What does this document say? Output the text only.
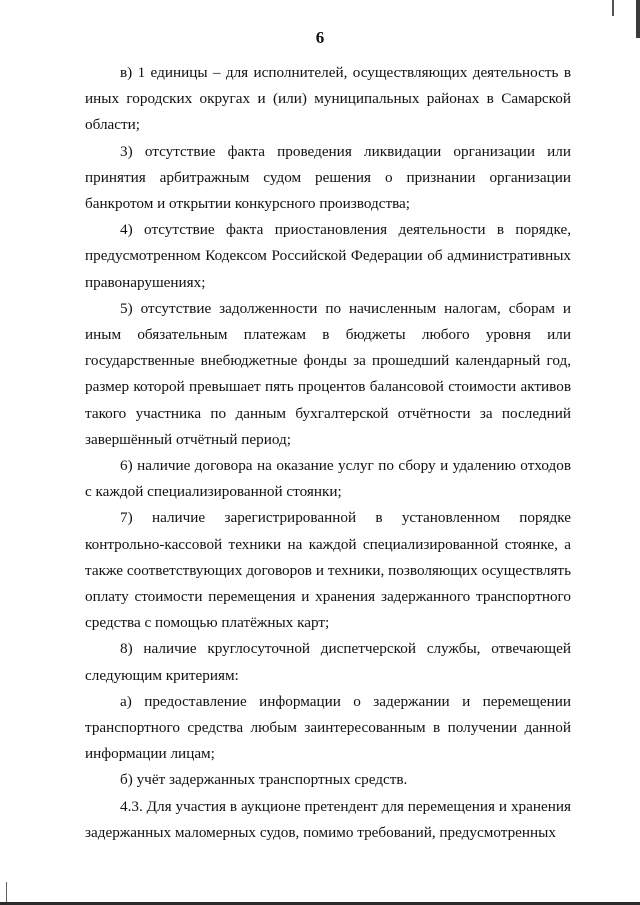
6

в) 1 единицы – для исполнителей, осуществляющих деятельность в иных городских округах и (или) муниципальных районах в Самарской области;

3) отсутствие факта проведения ликвидации организации или принятия арбитражным судом решения о признании организации банкротом и открытии конкурсного производства;

4) отсутствие факта приостановления деятельности в порядке, предусмотренном Кодексом Российской Федерации об административных правонарушениях;

5) отсутствие задолженности по начисленным налогам, сборам и иным обязательным платежам в бюджеты любого уровня или государственные внебюджетные фонды за прошедший календарный год, размер которой превышает пять процентов балансовой стоимости активов такого участника по данным бухгалтерской отчётности за последний завершённый отчётный период;

6) наличие договора на оказание услуг по сбору и удалению отходов с каждой специализированной стоянки;

7) наличие зарегистрированной в установленном порядке контрольно-кассовой техники на каждой специализированной стоянке, а также соответствующих договоров и техники, позволяющих осуществлять оплату стоимости перемещения и хранения задержанного транспортного средства с помощью платёжных карт;

8) наличие круглосуточной диспетчерской службы, отвечающей следующим критериям:

а) предоставление информации о задержании и перемещении транспортного средства любым заинтересованным в получении данной информации лицам;

б) учёт задержанных транспортных средств.

4.3. Для участия в аукционе претендент для перемещения и хранения задержанных маломерных судов, помимо требований, предусмотренных
